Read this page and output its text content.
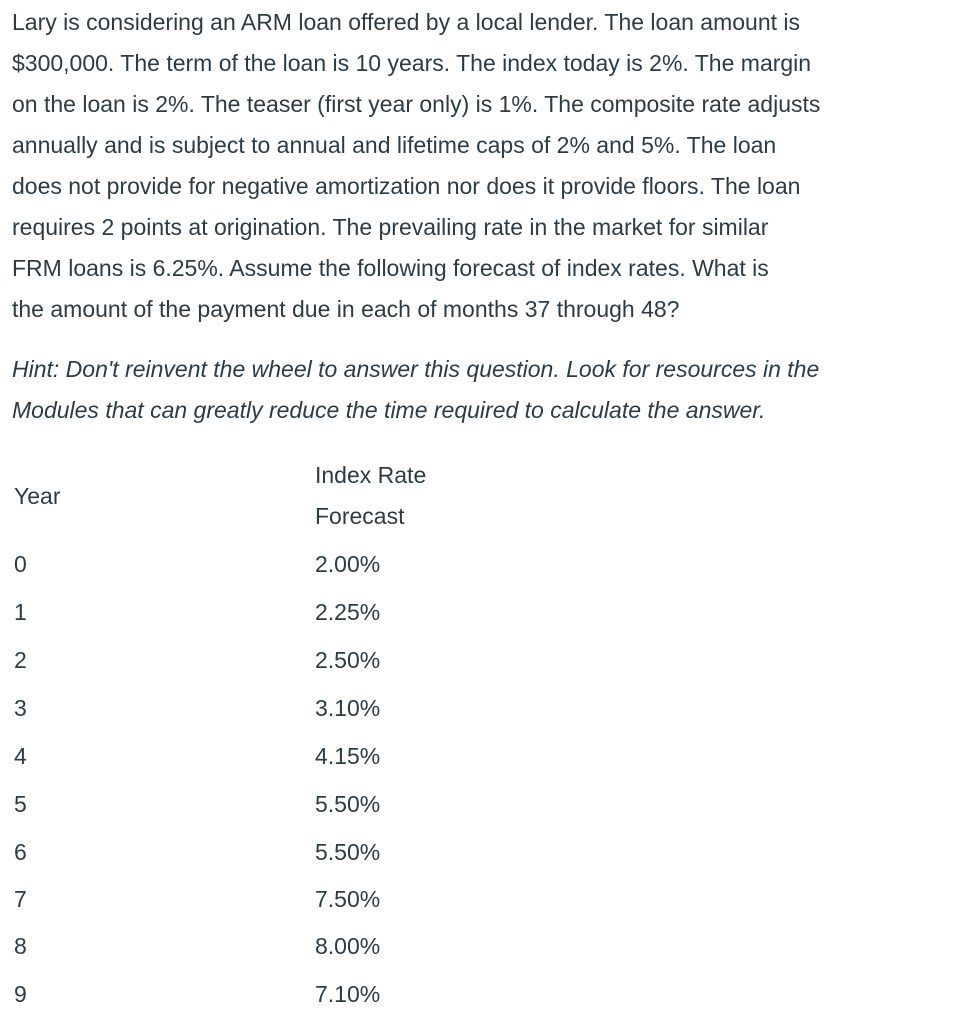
Lary is considering an ARM loan offered by a local lender. The loan amount is
$300,000. The term of the loan is 10 years. The index today is 2%. The margin
on the loan is 2%. The teaser (first year only) is 1%. The composite rate adjusts
annually and is subject to annual and lifetime caps of 2% and 5%. The loan
does not provide for negative amortization nor does it provide floors. The loan
requires 2 points at origination. The prevailing rate in the market for similar
FRM loans is 6.25%. Assume the following forecast of index rates. What is
the amount of the payment due in each of months 37 through 48?
Hint: Don't reinvent the wheel to answer this question. Look for resources in the
Modules that can greatly reduce the time required to calculate the answer.
Year
Index Rate
Forecast
0	2.00%
1	2.25%
2	2.50%
3	3.10%
4	4.15%
5	5.50%
6	5.50%
7	7.50%
8	8.00%
9	7.10%
